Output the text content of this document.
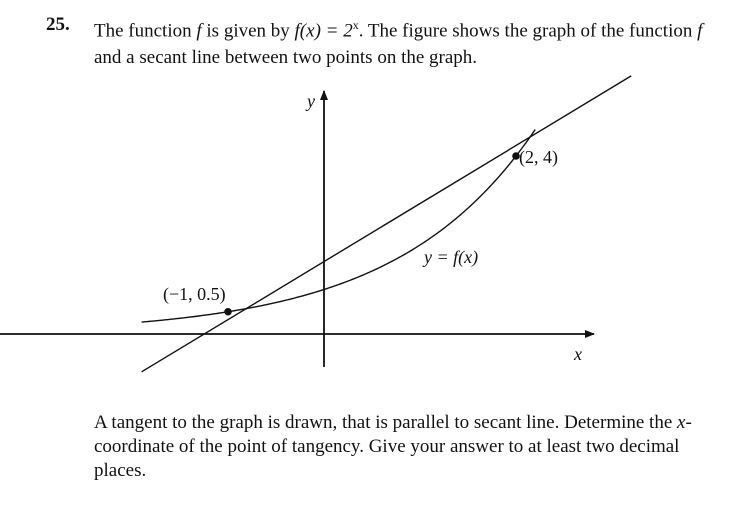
25. The function f is given by $f(x) = 2^x$. The figure shows the graph of the function f and a secant line between two points on the graph.
x
y
(−1, 0.5)
(2, 4)
y = f(x)
A tangent to the graph is drawn, that is parallel to secant line. Determine the x-coordinate of the point of tangency. Give your answer to at least two decimal places.
